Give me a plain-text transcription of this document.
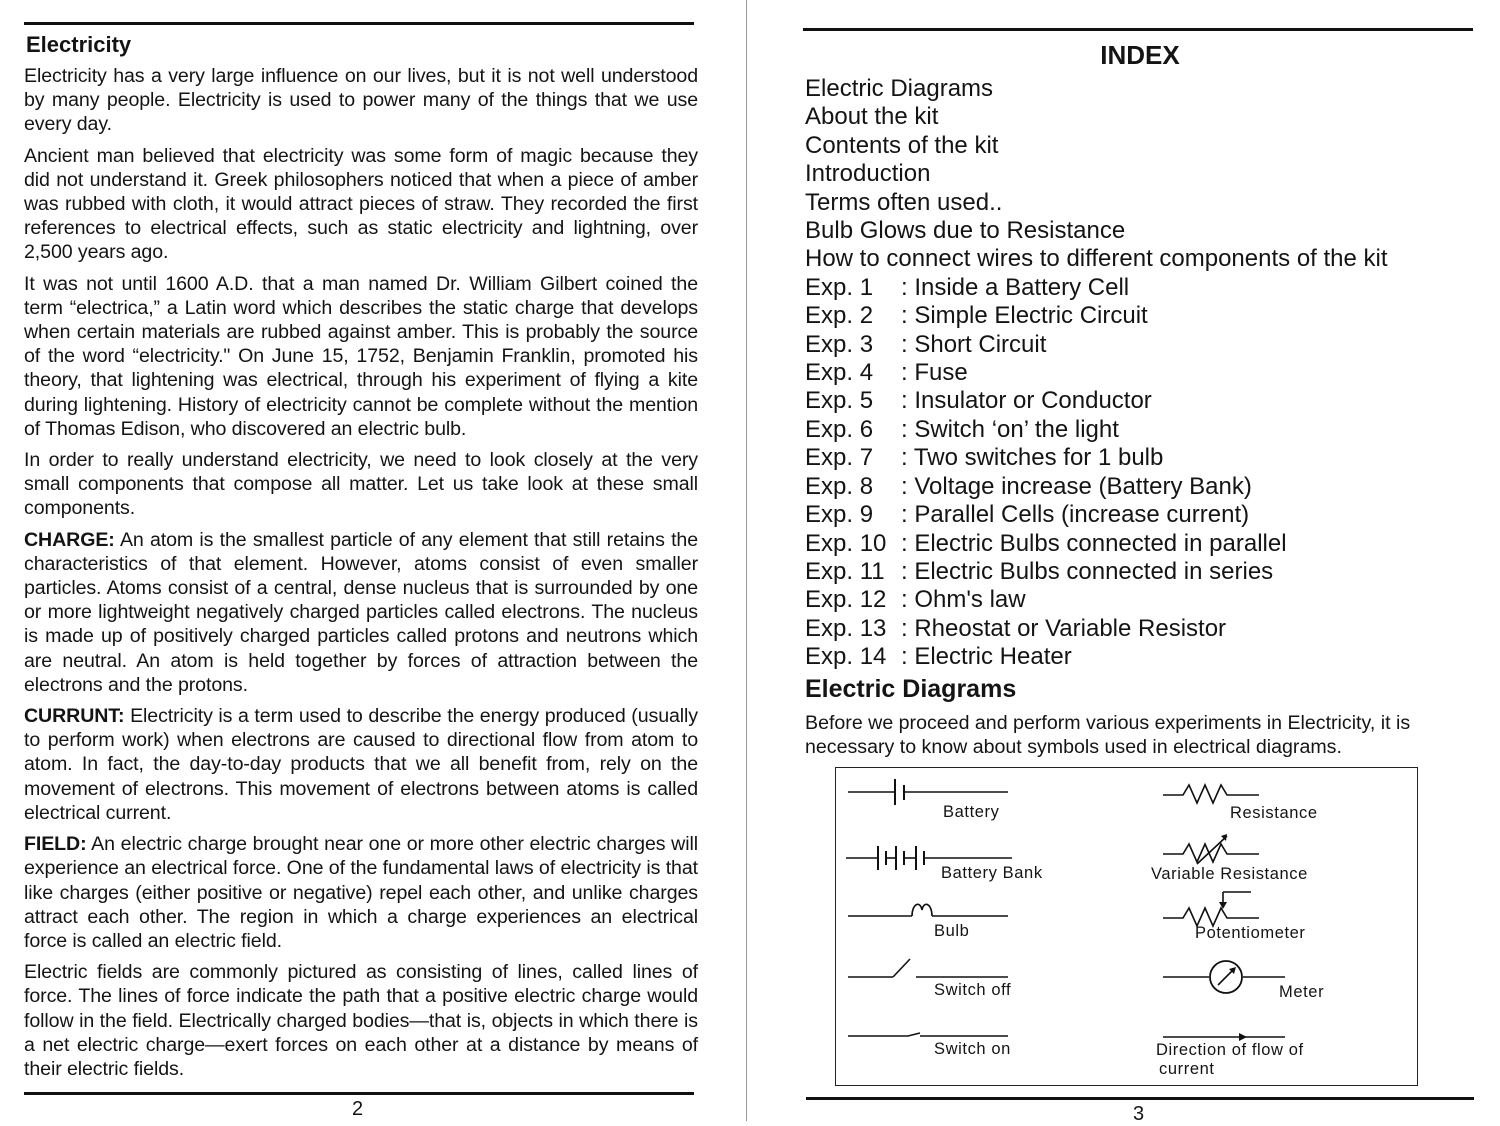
Electricity

Electricity has a very large influence on our lives, but it is not well understood by many people. Electricity is used to power many of the things that we use every day.

Ancient man believed that electricity was some form of magic because they did not understand it. Greek philosophers noticed that when a piece of amber was rubbed with cloth, it would attract pieces of straw. They recorded the first references to electrical effects, such as static electricity and lightning, over 2,500 years ago.

It was not until 1600 A.D. that a man named Dr. William Gilbert coined the term “electrica,” a Latin word which describes the static charge that develops when certain materials are rubbed against amber. This is probably the source of the word “electricity." On June 15, 1752, Benjamin Franklin, promoted his theory, that lightening was electrical, through his experiment of flying a kite during lightening. History of electricity cannot be complete without the mention of Thomas Edison, who discovered an electric bulb.

In order to really understand electricity, we need to look closely at the very small components that compose all matter. Let us take look at these small components.

CHARGE: An atom is the smallest particle of any element that still retains the characteristics of that element. However, atoms consist of even smaller particles. Atoms consist of a central, dense nucleus that is surrounded by one or more lightweight negatively charged particles called electrons. The nucleus is made up of positively charged particles called protons and neutrons which are neutral. An atom is held together by forces of attraction between the electrons and the protons.

CURRUNT: Electricity is a term used to describe the energy produced (usually to perform work) when electrons are caused to directional flow from atom to atom. In fact, the day-to-day products that we all benefit from, rely on the movement of electrons. This movement of electrons between atoms is called electrical current.

FIELD: An electric charge brought near one or more other electric charges will experience an electrical force. One of the fundamental laws of electricity is that like charges (either positive or negative) repel each other, and unlike charges attract each other. The region in which a charge experiences an electrical force is called an electric field.

Electric fields are commonly pictured as consisting of lines, called lines of force. The lines of force indicate the path that a positive electric charge would follow in the field. Electrically charged bodies—that is, objects in which there is a net electric charge—exert forces on each other at a distance by means of their electric fields.

2
INDEX
Electric Diagrams
About the kit
Contents of the kit
Introduction
Terms often used..
Bulb Glows due to Resistance
How to connect wires to different components of the kit
Exp. 1 : Inside a Battery Cell
Exp. 2 : Simple Electric Circuit
Exp. 3 : Short Circuit
Exp. 4 : Fuse
Exp. 5 : Insulator or Conductor
Exp. 6 : Switch ‘on’ the light
Exp. 7 : Two switches for 1 bulb
Exp. 8 : Voltage increase (Battery Bank)
Exp. 9 : Parallel Cells (increase current)
Exp. 10 : Electric Bulbs connected in parallel
Exp. 11 : Electric Bulbs connected in series
Exp. 12 : Ohm's law
Exp. 13 : Rheostat or Variable Resistor
Exp. 14 : Electric Heater
Electric Diagrams

Before we proceed and perform various experiments in Electricity, it is necessary to know about symbols used in electrical diagrams.

3
Battery
Battery Bank
Bulb
Switch off
Switch on
Resistance
Variable Resistance
Potentiometer
Meter
Direction of flow of
current
